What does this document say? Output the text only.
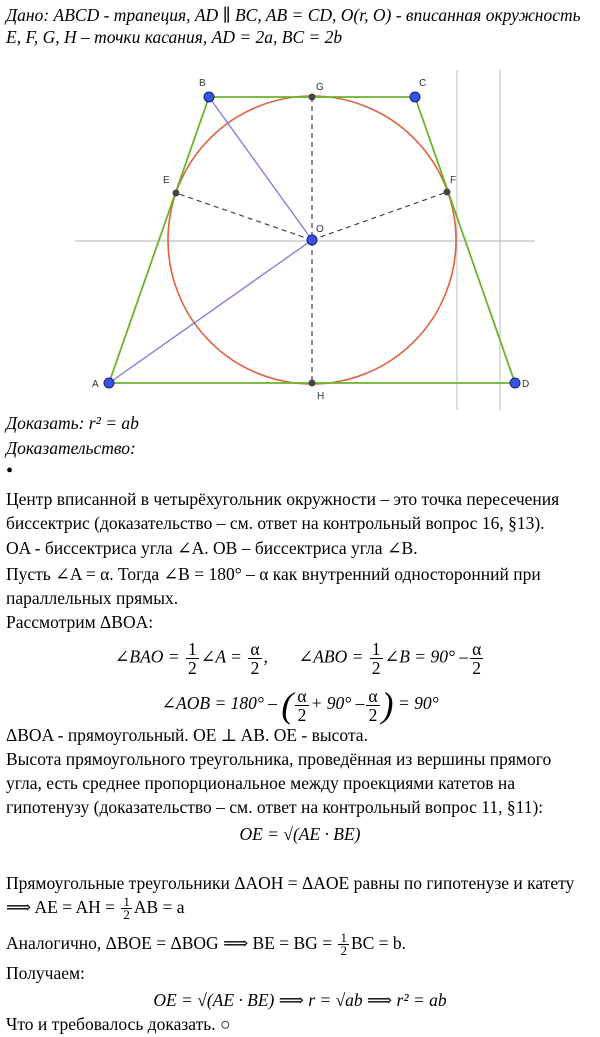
Дано: ABCD - трапеция, AD ∥ BC, AB = CD, O(r, O) - вписанная окружность
E, F, G, H – точки касания, AD = 2a, BC = 2b
A
B	C
D
E	F
G
H
O
Доказать: r² = ab
Доказательство:
•
Центр вписанной в четырёхугольник окружности – это точка пересечения
биссектрис (доказательство – см. ответ на контрольный вопрос 16, §13).
OA - биссектриса угла ∠A. OB – биссектриса угла ∠B.
Пусть ∠A = α. Тогда ∠B = 180° – α как внутренний односторонний при
параллельных прямых.
Рассмотрим ΔBOA:
∠BAO = $\frac{1}{2}$ ∠A = $\frac{\alpha}{2}$ , ∠ABO = $\frac{1}{2}$ ∠B = $90^\circ - \frac{\alpha}{2}$
∠AOB = 180° – ( $\frac{\alpha}{2} + 90^\circ - \frac{\alpha}{2}$ ) = 90°
ΔBOA - прямоугольный. OE ⊥ AB. OE - высота.
Высота прямоугольного треугольника, проведённая из вершины прямого
угла, есть среднее пропорциональное между проекциями катетов на
гипотенузу (доказательство – см. ответ на контрольный вопрос 11, §11):
OE = √(AE · BE)
Прямоугольные треугольники ΔAOH = ΔAOE равны по гипотенузе и катету
⟹ AE = AH = $\frac{1}{2}$ AB = a
Аналогично, ΔBOE = ΔBOG ⟹ BE = BG = $\frac{1}{2}$ BC = b.
Получаем:
OE = √(AE · BE) ⟹ r = √ab ⟹ r² = ab
Что и требовалось доказать. ○
